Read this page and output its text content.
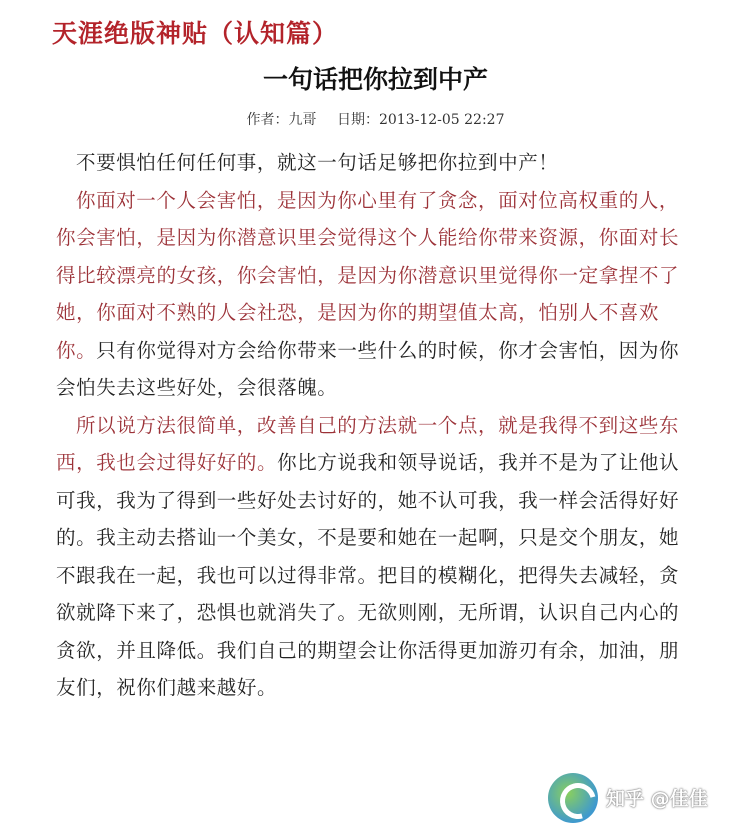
天涯绝版神贴（认知篇）
一句话把你拉到中产
作者：九哥 日期：2013-12-05 22:27

不要惧怕任何任何事，就这一句话足够把你拉到中产！

你面对一个人会害怕，是因为你心里有了贪念，面对位高权重的人，你会害怕，是因为你潜意识里会觉得这个人能给你带来资源，你面对长得比较漂亮的女孩，你会害怕，是因为你潜意识里觉得你一定拿捏不了她，你面对不熟的人会社恐，是因为你的期望值太高，怕别人不喜欢你。只有你觉得对方会给你带来一些什么的时候，你才会害怕，因为你会怕失去这些好处，会很落魄。

所以说方法很简单，改善自己的方法就一个点，就是我得不到这些东西，我也会过得好好的。你比方说我和领导说话，我并不是为了让他认可我，我为了得到一些好处去讨好的，她不认可我，我一样会活得好好的。我主动去搭讪一个美女，不是要和她在一起啊，只是交个朋友，她不跟我在一起，我也可以过得非常。把目的模糊化，把得失去减轻，贪欲就降下来了，恐惧也就消失了。无欲则刚，无所谓，认识自己内心的贪欲，并且降低。我们自己的期望会让你活得更加游刃有余，加油，朋友们，祝你们越来越好。

知乎 @佳佳
